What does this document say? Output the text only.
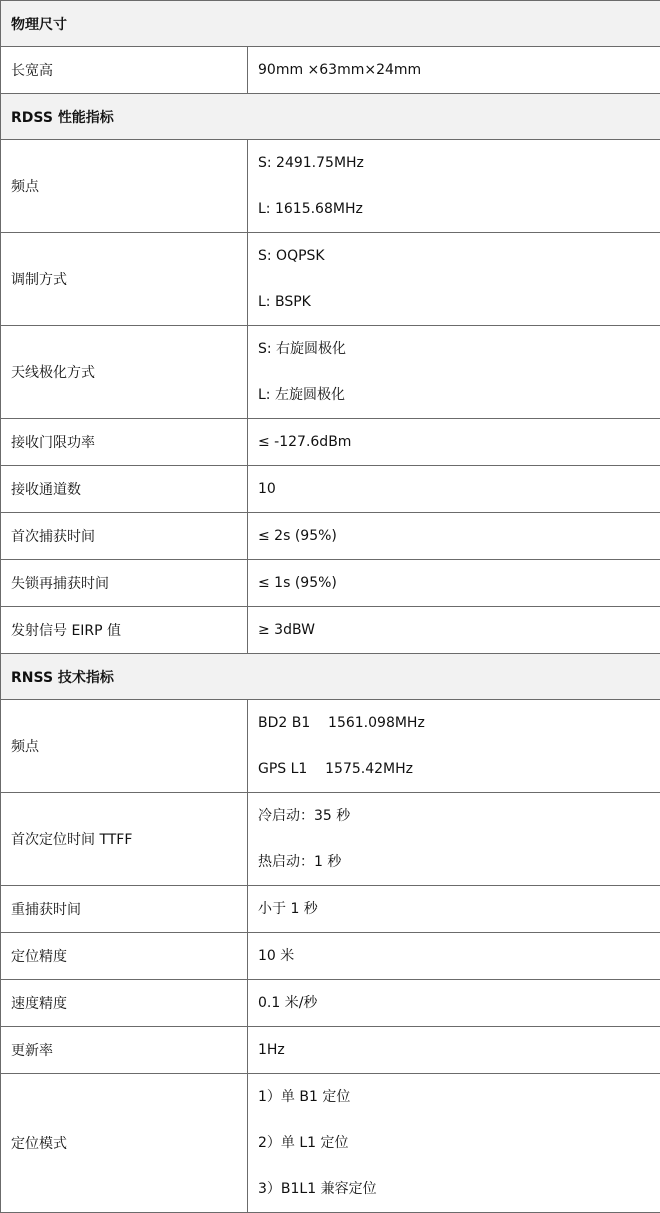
物理尺寸	
长宽高	90mm ×63mm×24mm

RDSS 性能指标	
频点	S: 2491.75MHz
L: 1615.68MHz

调制方式	S: OQPSK
L: BSPK

天线极化方式	S: 右旋圆极化
L: 左旋圆极化

接收门限功率	≤ -127.6dBm

接收通道数	10

首次捕获时间	≤ 2s (95%)

失锁再捕获时间	≤ 1s (95%)

发射信号 EIRP 值	≥ 3dBW

RNSS 技术指标	
频点	BD2 B1    1561.098MHz
GPS L1    1575.42MHz

首次定位时间 TTFF	冷启动：35 秒
热启动：1 秒

重捕获时间	小于 1 秒

定位精度	10 米

速度精度	0.1 米/秒

更新率	1Hz

定位模式	1）单 B1 定位
2）单 L1 定位
3）B1L1 兼容定位
